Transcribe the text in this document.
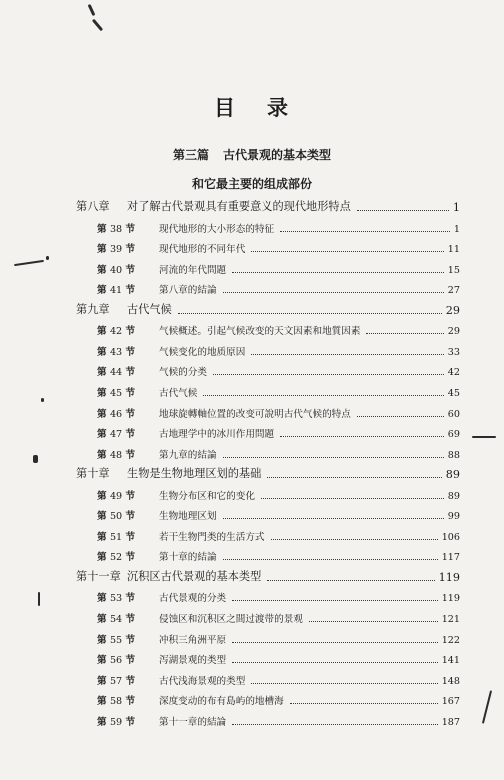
目 录
第三篇 古代景观的基本类型
和它最主要的组成部份
第八章 对了解古代景观具有重要意义的现代地形特点	1
第 38 节 现代地形的大小形态的特征	1
第 39 节 现代地形的不同年代	11
第 40 节 河流的年代問題	15
第 41 节 第八章的結論	27
第九章 古代气候	29
第 42 节 气候概述。引起气候改变的天文因素和地質因素	29
第 43 节 气候变化的地质原因	33
第 44 节 气候的分类	42
第 45 节 古代气候	45
第 46 节 地球旋轉軸位置的改变可說明古代气候的特点	60
第 47 节 古地理学中的冰川作用問題	69
第 48 节 第九章的結論	88
第十章 生物是生物地理区划的基础	89
第 49 节 生物分布区和它的变化	89
第 50 节 生物地理区划	99
第 51 节 若干生物門类的生活方式	106
第 52 节 第十章的結論	117
第十一章 沉积区古代景观的基本类型	119
第 53 节 古代景观的分类	119
第 54 节 侵蚀区和沉积区之間过渡带的景观	121
第 55 节 冲积三角洲平原	122
第 56 节 泻湖景观的类型	141
第 57 节 古代浅海景观的类型	148
第 58 节 深度变动的布有島屿的地槽海	167
第 59 节 第十一章的結論	187
